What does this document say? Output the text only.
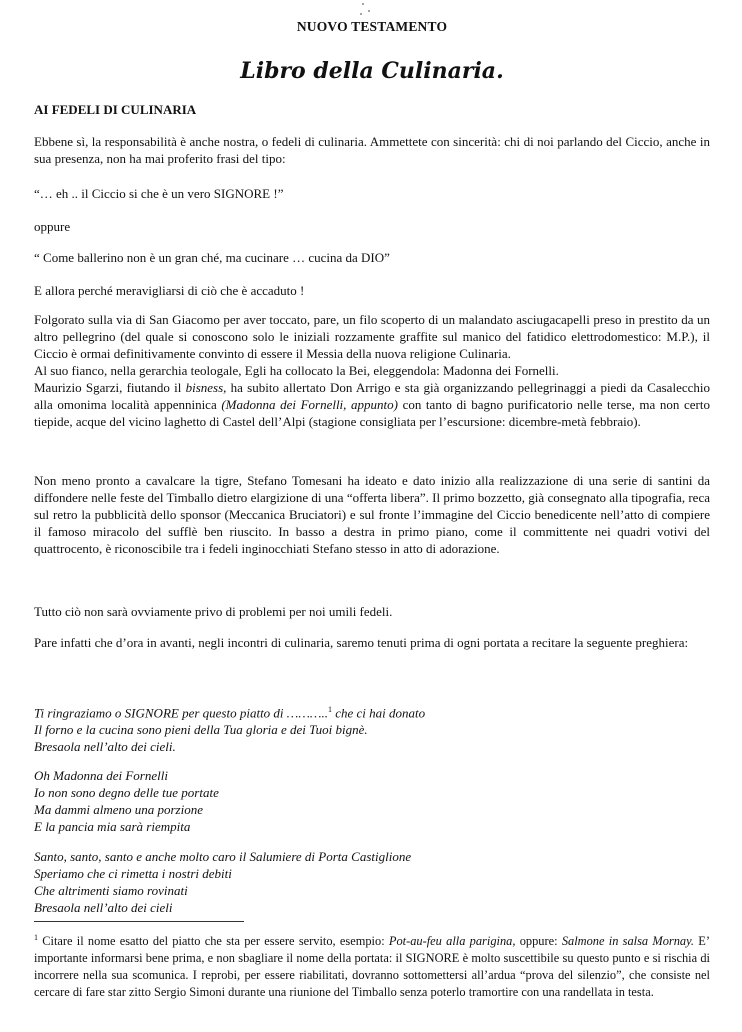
NUOVO TESTAMENTO
Libro della Culinaria.
AI FEDELI DI CULINARIA

Ebbene sì, la responsabilità è anche nostra, o fedeli di culinaria. Ammettete con sincerità: chi di noi parlando del Ciccio, anche in sua presenza, non ha mai proferito frasi del tipo:

“… eh .. il Ciccio si che è un vero SIGNORE !”

oppure

“ Come ballerino non è un gran ché, ma cucinare … cucina da DIO”

E allora perché meravigliarsi di ciò che è accaduto !

Folgorato sulla via di San Giacomo per aver toccato, pare, un filo scoperto di un malandato asciugacapelli preso in prestito da un altro pellegrino (del quale si conoscono solo le iniziali rozzamente graffite sul manico del fatidico elettrodomestico: M.P.), il Ciccio è ormai definitivamente convinto di essere il Messia della nuova religione Culinaria.

Al suo fianco, nella gerarchia teologale, Egli ha collocato la Bei, eleggendola: Madonna dei Fornelli.

Maurizio Sgarzi, fiutando il bisness, ha subito allertato Don Arrigo e sta già organizzando pellegrinaggi a piedi da Casalecchio alla omonima località appenninica (Madonna dei Fornelli, appunto) con tanto di bagno purificatorio nelle terse, ma non certo tiepide, acque del vicino laghetto di Castel dell’Alpi (stagione consigliata per l’escursione: dicembre-metà febbraio).

Non meno pronto a cavalcare la tigre, Stefano Tomesani ha ideato e dato inizio alla realizzazione di una serie di santini da diffondere nelle feste del Timballo dietro elargizione di una “offerta libera”. Il primo bozzetto, già consegnato alla tipografia, reca sul retro la pubblicità dello sponsor (Meccanica Bruciatori) e sul fronte l’immagine del Ciccio benedicente nell’atto di compiere il famoso miracolo del sufflè ben riuscito. In basso a destra in primo piano, come il committente nei quadri votivi del quattrocento, è riconoscibile tra i fedeli inginocchiati Stefano stesso in atto di adorazione.

Tutto ciò non sarà ovviamente privo di problemi per noi umili fedeli.

Pare infatti che d’ora in avanti, negli incontri di culinaria, saremo tenuti prima di ogni portata a recitare la seguente preghiera:

Ti ringraziamo o SIGNORE per questo piatto di ………..$^1$ che ci hai donato
Il forno e la cucina sono pieni della Tua gloria e dei Tuoi bignè.
Bresaola nell’alto dei cieli.
Oh Madonna dei Fornelli
Io non sono degno delle tue portate
Ma dammi almeno una porzione
E la pancia mia sarà riempita
Santo, santo, santo e anche molto caro il Salumiere di Porta Castiglione
Speriamo che ci rimetta i nostri debiti
Che altrimenti siamo rovinati
Bresaola nell’alto dei cieli
$^1$ Citare il nome esatto del piatto che sta per essere servito, esempio: Pot-au-feu alla parigina, oppure: Salmone in salsa Mornay. E’ importante informarsi bene prima, e non sbagliare il nome della portata: il SIGNORE è molto suscettibile su questo punto e si rischia di incorrere nella sua scomunica. I reprobi, per essere riabilitati, dovranno sottomettersi all’ardua “prova del silenzio”, che consiste nel cercare di fare star zitto Sergio Simoni durante una riunione del Timballo senza poterlo tramortire con una randellata in testa.
